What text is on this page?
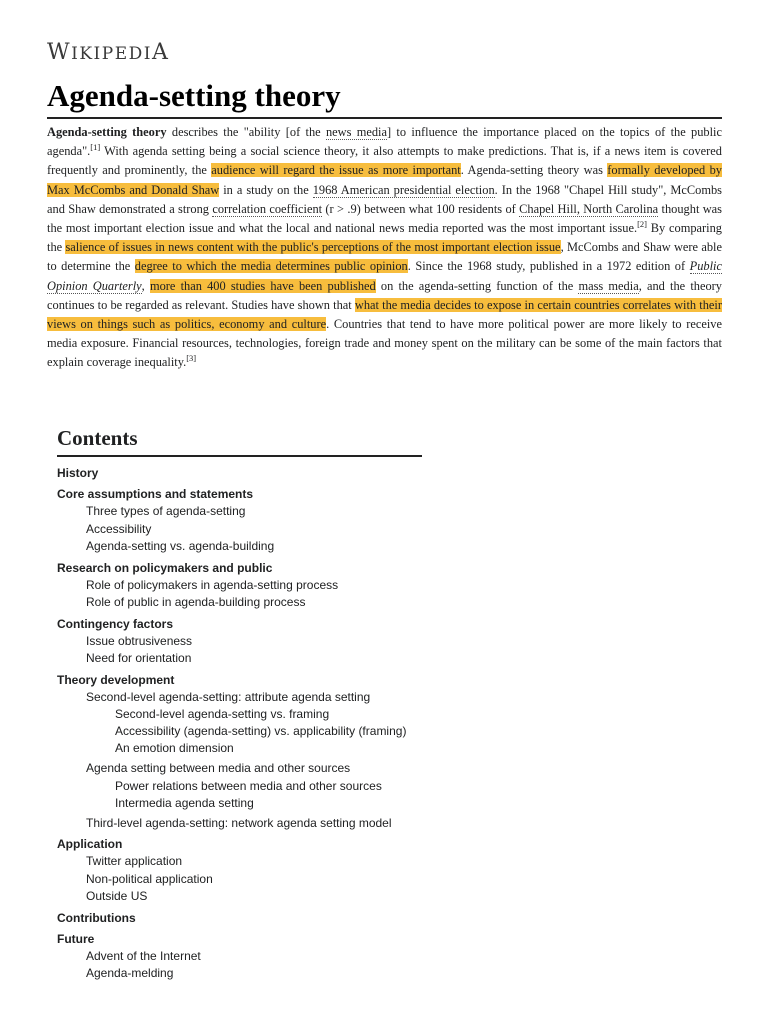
WIKIPEDIA
Agenda-setting theory

Agenda-setting theory describes the "ability [of the news media] to influence the importance placed on the topics of the public agenda".[1] With agenda setting being a social science theory, it also attempts to make predictions. That is, if a news item is covered frequently and prominently, the audience will regard the issue as more important. Agenda-setting theory was formally developed by Max McCombs and Donald Shaw in a study on the 1968 American presidential election. In the 1968 "Chapel Hill study", McCombs and Shaw demonstrated a strong correlation coefficient (r > .9) between what 100 residents of Chapel Hill, North Carolina thought was the most important election issue and what the local and national news media reported was the most important issue.[2] By comparing the salience of issues in news content with the public's perceptions of the most important election issue, McCombs and Shaw were able to determine the degree to which the media determines public opinion. Since the 1968 study, published in a 1972 edition of Public Opinion Quarterly, more than 400 studies have been published on the agenda-setting function of the mass media, and the theory continues to be regarded as relevant. Studies have shown that what the media decides to expose in certain countries correlates with their views on things such as politics, economy and culture. Countries that tend to have more political power are more likely to receive media exposure. Financial resources, technologies, foreign trade and money spent on the military can be some of the main factors that explain coverage inequality.[3]

Contents
History
Core assumptions and statements
Three types of agenda-setting
Accessibility
Agenda-setting vs. agenda-building
Research on policymakers and public
Role of policymakers in agenda-setting process
Role of public in agenda-building process
Contingency factors
Issue obtrusiveness
Need for orientation
Theory development
Second-level agenda-setting: attribute agenda setting
Second-level agenda-setting vs. framing
Accessibility (agenda-setting) vs. applicability (framing)
An emotion dimension
Agenda setting between media and other sources
Power relations between media and other sources
Intermedia agenda setting
Third-level agenda-setting: network agenda setting model
Application
Twitter application
Non-political application
Outside US
Contributions
Future
Advent of the Internet
Agenda-melding
